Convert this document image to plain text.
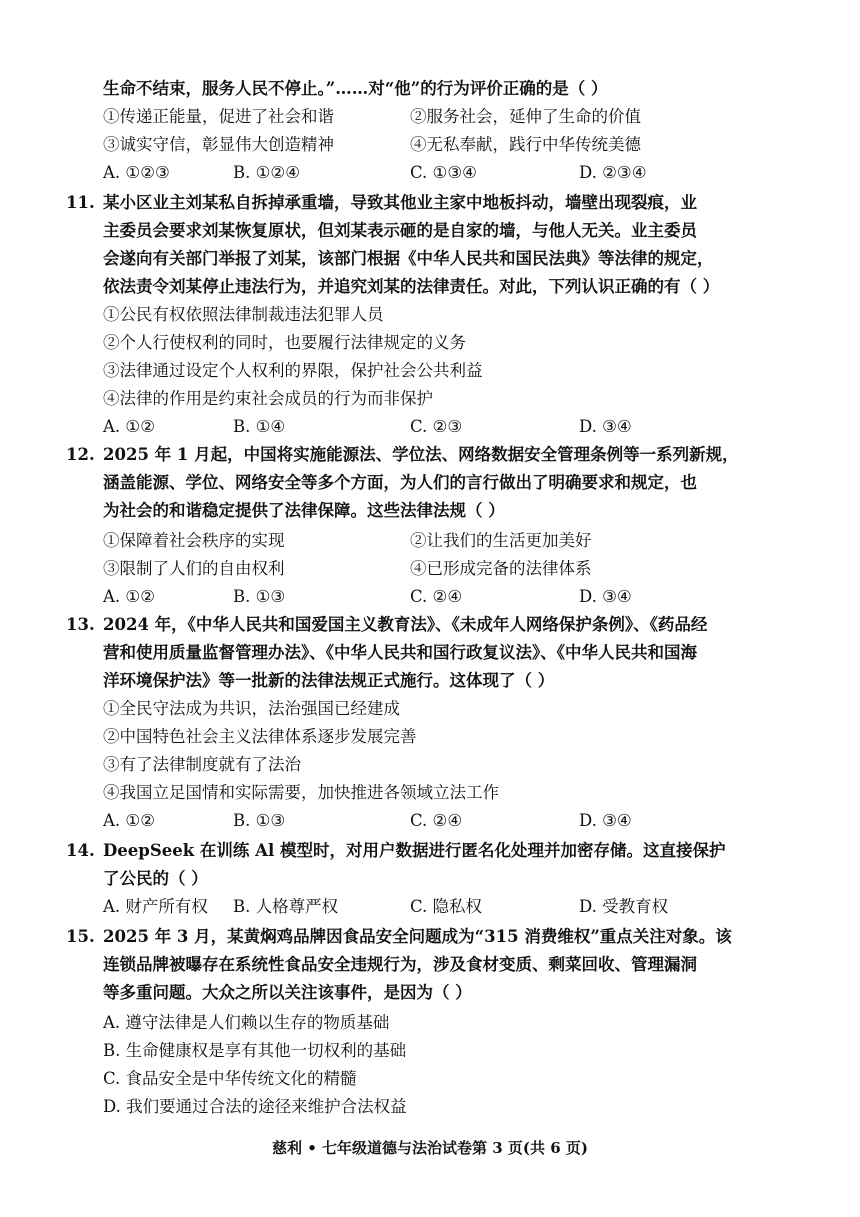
生命不结束，服务人民不停止。”……对“他”的行为评价正确的是（ ）
①传递正能量，促进了社会和谐	②服务社会，延伸了生命的价值
③诚实守信，彰显伟大创造精神	④无私奉献，践行中华传统美德
A. ①②③	B. ①②④	C. ①③④	D. ②③④
11. 某小区业主刘某私自拆掉承重墙，导致其他业主家中地板抖动，墙壁出现裂痕，业
主委员会要求刘某恢复原状，但刘某表示砸的是自家的墙，与他人无关。业主委员
会遂向有关部门举报了刘某，该部门根据《中华人民共和国民法典》等法律的规定，
依法责令刘某停止违法行为，并追究刘某的法律责任。对此，下列认识正确的有（ ）
①公民有权依照法律制裁违法犯罪人员
②个人行使权利的同时，也要履行法律规定的义务
③法律通过设定个人权利的界限，保护社会公共利益
④法律的作用是约束社会成员的行为而非保护
A. ①②	B. ①④	C. ②③	D. ③④
12. 2025 年 1 月起，中国将实施能源法、学位法、网络数据安全管理条例等一系列新规，
涵盖能源、学位、网络安全等多个方面，为人们的言行做出了明确要求和规定，也
为社会的和谐稳定提供了法律保障。这些法律法规（ ）
①保障着社会秩序的实现	②让我们的生活更加美好
③限制了人们的自由权利	④已形成完备的法律体系
A. ①②	B. ①③	C. ②④	D. ③④
13. 2024 年，《中华人民共和国爱国主义教育法》、《未成年人网络保护条例》、《药品经
营和使用质量监督管理办法》、《中华人民共和国行政复议法》、《中华人民共和国海
洋环境保护法》等一批新的法律法规正式施行。这体现了（ ）
①全民守法成为共识，法治强国已经建成
②中国特色社会主义法律体系逐步发展完善
③有了法律制度就有了法治
④我国立足国情和实际需要，加快推进各领域立法工作
A. ①②	B. ①③	C. ②④	D. ③④
14. DeepSeek 在训练 Al 模型时，对用户数据进行匿名化处理并加密存储。这直接保护
了公民的（ ）
A. 财产所有权 B. 人格尊严权	C. 隐私权	D. 受教育权
15. 2025 年 3 月，某黄焖鸡品牌因食品安全问题成为“315 消费维权”重点关注对象。该
连锁品牌被曝存在系统性食品安全违规行为，涉及食材变质、剩菜回收、管理漏洞
等多重问题。大众之所以关注该事件，是因为（ ）
A. 遵守法律是人们赖以生存的物质基础
B. 生命健康权是享有其他一切权利的基础
C. 食品安全是中华传统文化的精髓
D. 我们要通过合法的途径来维护合法权益
慈利 • 七年级道德与法治试卷第 3 页(共 6 页)
